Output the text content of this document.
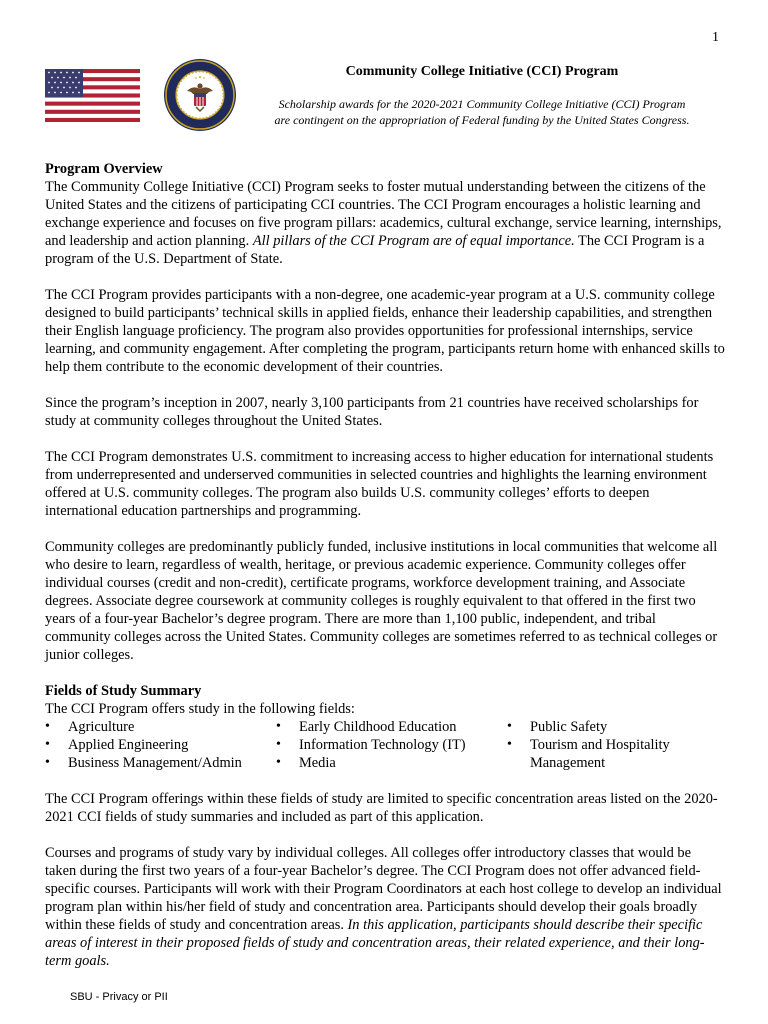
1
Community College Initiative (CCI) Program
Scholarship awards for the 2020-2021 Community College Initiative (CCI) Program
are contingent on the appropriation of Federal funding by the United States Congress.
Program Overview

The Community College Initiative (CCI) Program seeks to foster mutual understanding between the citizens of the United States and the citizens of participating CCI countries. The CCI Program encourages a holistic learning and exchange experience and focuses on five program pillars: academics, cultural exchange, service learning, internships, and leadership and action planning. All pillars of the CCI Program are of equal importance. The CCI Program is a program of the U.S. Department of State.

The CCI Program provides participants with a non-degree, one academic-year program at a U.S. community college designed to build participants’ technical skills in applied fields, enhance their leadership capabilities, and strengthen their English language proficiency. The program also provides opportunities for professional internships, service learning, and community engagement. After completing the program, participants return home with enhanced skills to help them contribute to the economic development of their countries.

Since the program’s inception in 2007, nearly 3,100 participants from 21 countries have received scholarships for study at community colleges throughout the United States.

The CCI Program demonstrates U.S. commitment to increasing access to higher education for international students from underrepresented and underserved communities in selected countries and highlights the learning environment offered at U.S. community colleges. The program also builds U.S. community colleges’ efforts to deepen international education partnerships and programming.

Community colleges are predominantly publicly funded, inclusive institutions in local communities that welcome all who desire to learn, regardless of wealth, heritage, or previous academic experience. Community colleges offer individual courses (credit and non-credit), certificate programs, workforce development training, and Associate degrees. Associate degree coursework at community colleges is roughly equivalent to that offered in the first two years of a four-year Bachelor’s degree program. There are more than 1,100 public, independent, and tribal community colleges across the United States. Community colleges are sometimes referred to as technical colleges or junior colleges.

Fields of Study Summary
The CCI Program offers study in the following fields:
• Agriculture
• Applied Engineering
• Business Management/Admin
• Early Childhood Education
• Information Technology (IT)
• Media
• Public Safety
• Tourism and Hospitality Management

The CCI Program offerings within these fields of study are limited to specific concentration areas listed on the 2020-2021 CCI fields of study summaries and included as part of this application.

Courses and programs of study vary by individual colleges. All colleges offer introductory classes that would be taken during the first two years of a four-year Bachelor’s degree. The CCI Program does not offer advanced field-specific courses. Participants will work with their Program Coordinators at each host college to develop an individual program plan within his/her field of study and concentration area. Participants should develop their goals broadly within these fields of study and concentration areas. In this application, participants should describe their specific areas of interest in their proposed fields of study and concentration areas, their related experience, and their long-term goals.

SBU - Privacy or PII
